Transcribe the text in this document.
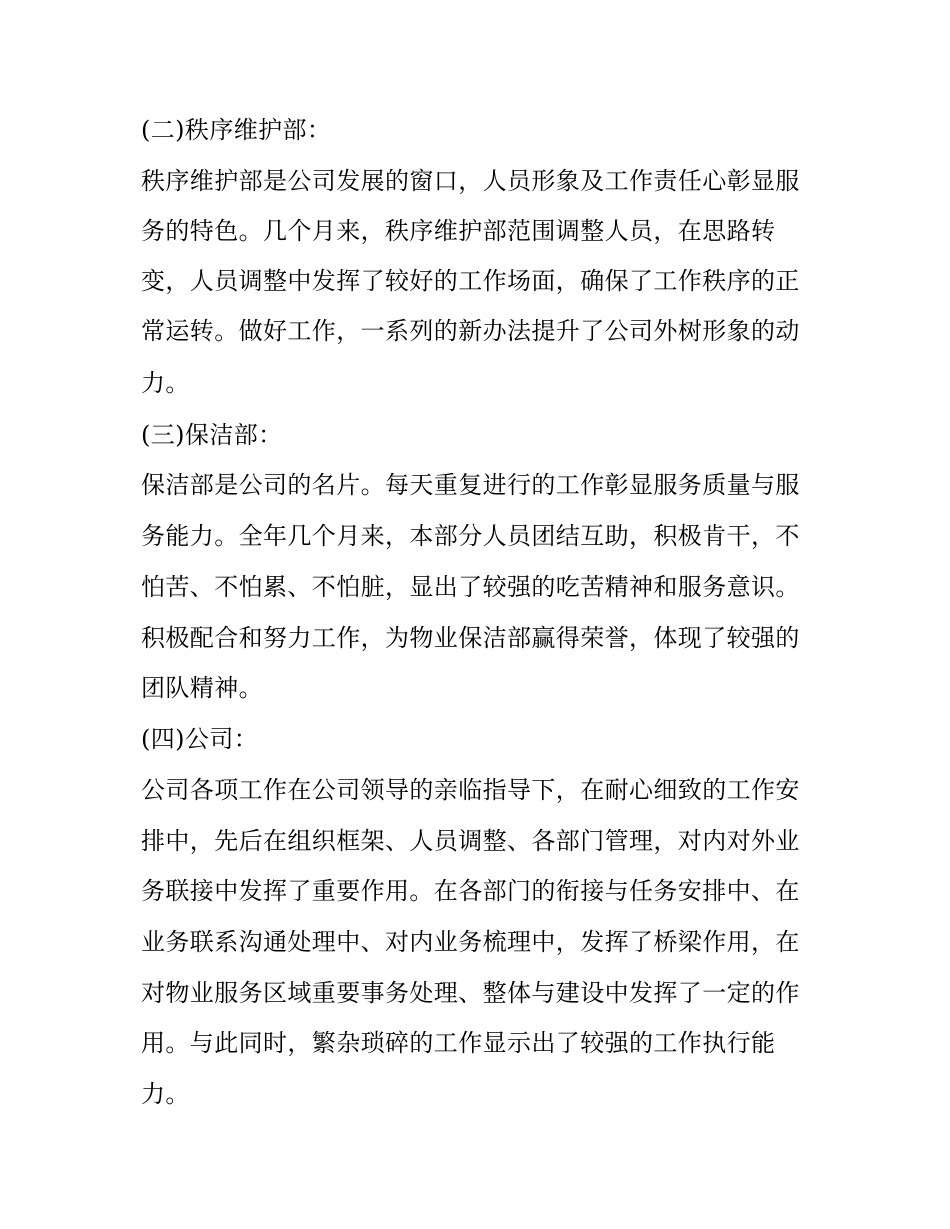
(二)秩序维护部：
秩序维护部是公司发展的窗口，人员形象及工作责任心彰显服
务的特色。几个月来，秩序维护部范围调整人员，在思路转
变，人员调整中发挥了较好的工作场面，确保了工作秩序的正
常运转。做好工作，一系列的新办法提升了公司外树形象的动
力。
(三)保洁部：
保洁部是公司的名片。每天重复进行的工作彰显服务质量与服
务能力。全年几个月来，本部分人员团结互助，积极肯干，不
怕苦、不怕累、不怕脏，显出了较强的吃苦精神和服务意识。
积极配合和努力工作，为物业保洁部赢得荣誉，体现了较强的
团队精神。
(四)公司：
公司各项工作在公司领导的亲临指导下，在耐心细致的工作安
排中，先后在组织框架、人员调整、各部门管理，对内对外业
务联接中发挥了重要作用。在各部门的衔接与任务安排中、在
业务联系沟通处理中、对内业务梳理中，发挥了桥梁作用，在
对物业服务区域重要事务处理、整体与建设中发挥了一定的作
用。与此同时，繁杂琐碎的工作显示出了较强的工作执行能
力。
